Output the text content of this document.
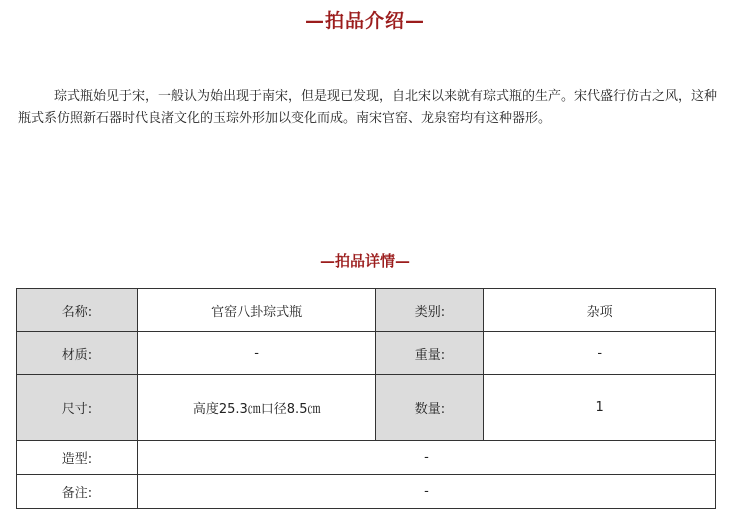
—拍品介绍—

琮式瓶始见于宋，一般认为始出现于南宋，但是现已发现，自北宋以来就有琮式瓶的生产。宋代盛行仿古之风，这种瓶式系仿照新石器时代良渚文化的玉琮外形加以变化而成。南宋官窑、龙泉窑均有这种器形。

—拍品详情—
名称:	官窑八卦琮式瓶	类别:	杂项
材质:	-	重量:	-
尺寸:	高度25.3㎝口径8.5㎝	数量:	1
造型:	-		
备注:	-		
